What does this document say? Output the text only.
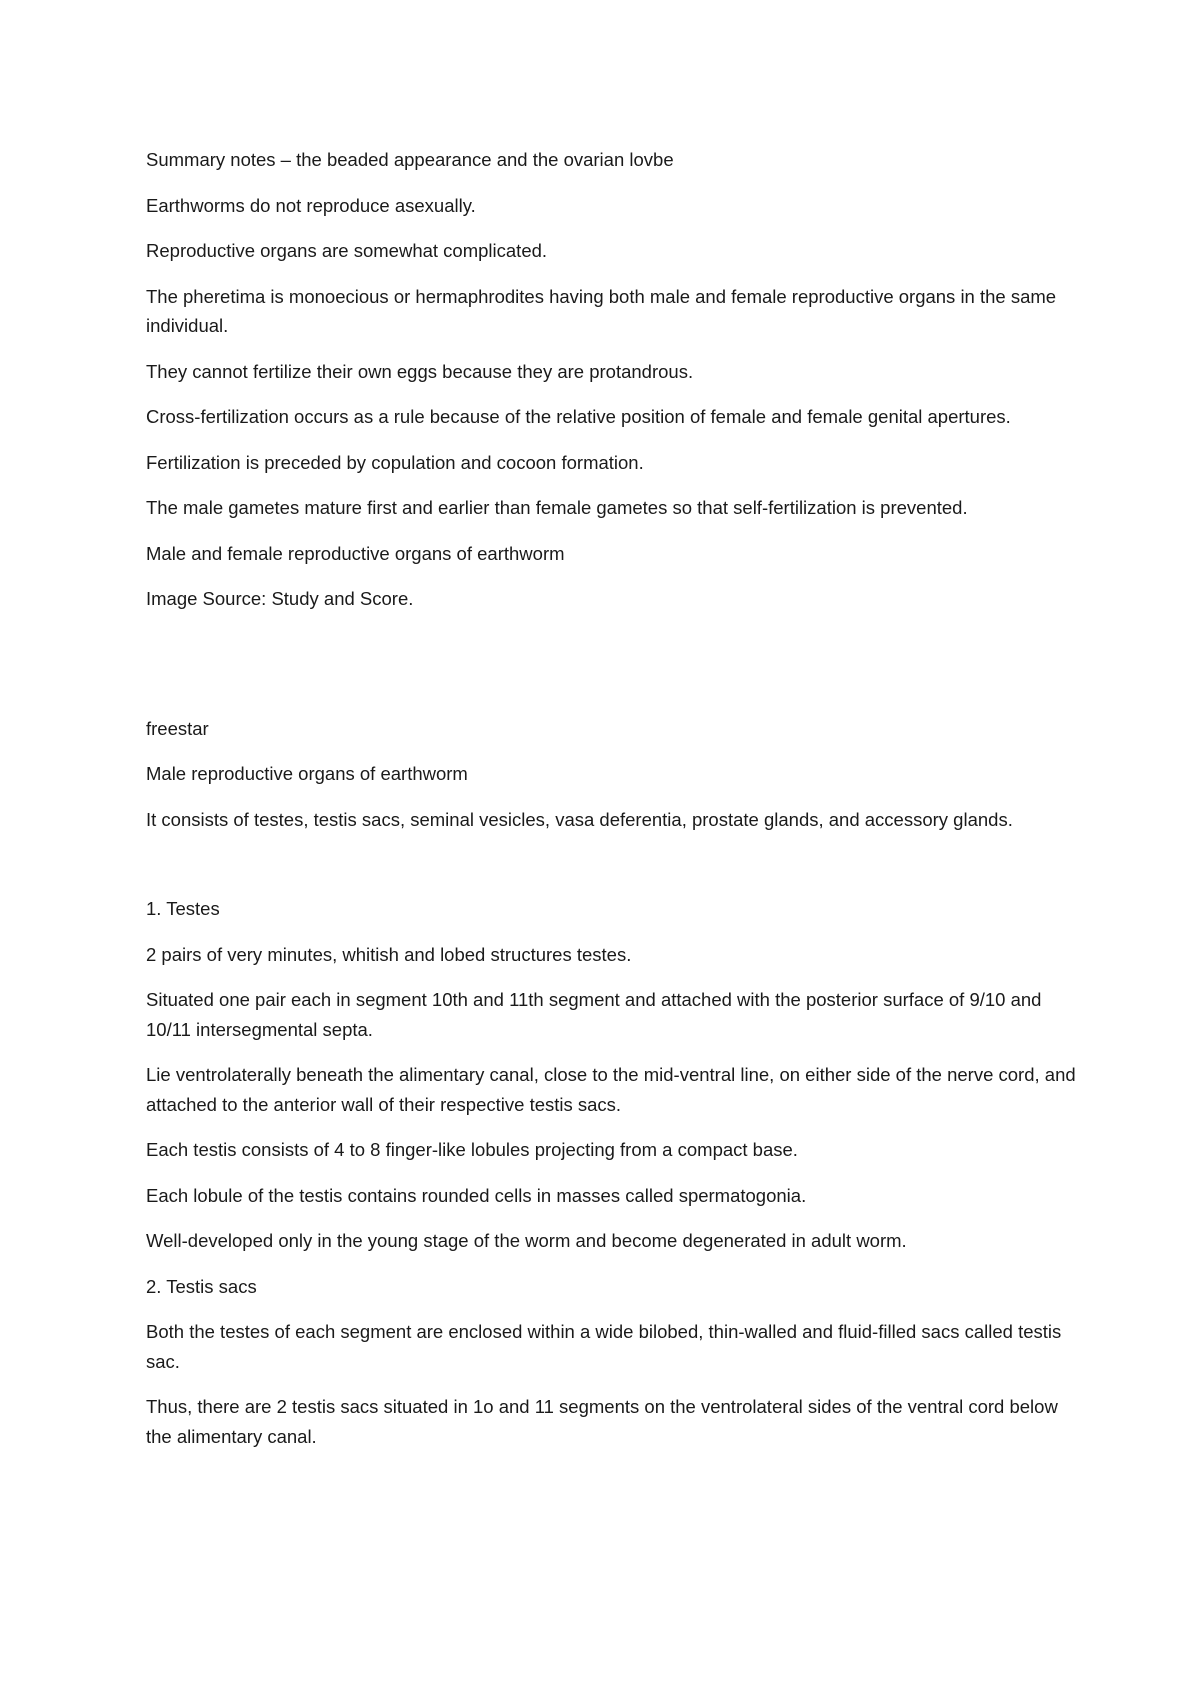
Summary notes – the beaded appearance and the ovarian lovbe

Earthworms do not reproduce asexually.

Reproductive organs are somewhat complicated.

The pheretima is monoecious or hermaphrodites having both male and female reproductive organs in the same individual.

They cannot fertilize their own eggs because they are protandrous.

Cross-fertilization occurs as a rule because of the relative position of female and female genital apertures.

Fertilization is preceded by copulation and cocoon formation.

The male gametes mature first and earlier than female gametes so that self-fertilization is prevented.

Male and female reproductive organs of earthworm

Image Source: Study and Score.

freestar

Male reproductive organs of earthworm

It consists of testes, testis sacs, seminal vesicles, vasa deferentia, prostate glands, and accessory glands.

1. Testes

2 pairs of very minutes, whitish and lobed structures testes.

Situated one pair each in segment 10th and 11th segment and attached with the posterior surface of 9/10 and 10/11 intersegmental septa.

Lie ventrolaterally beneath the alimentary canal, close to the mid-ventral line, on either side of the nerve cord, and attached to the anterior wall of their respective testis sacs.

Each testis consists of 4 to 8 finger-like lobules projecting from a compact base.

Each lobule of the testis contains rounded cells in masses called spermatogonia.

Well-developed only in the young stage of the worm and become degenerated in adult worm.

2. Testis sacs

Both the testes of each segment are enclosed within a wide bilobed, thin-walled and fluid-filled sacs called testis sac.

Thus, there are 2 testis sacs situated in 1o and 11 segments on the ventrolateral sides of the ventral cord below the alimentary canal.
